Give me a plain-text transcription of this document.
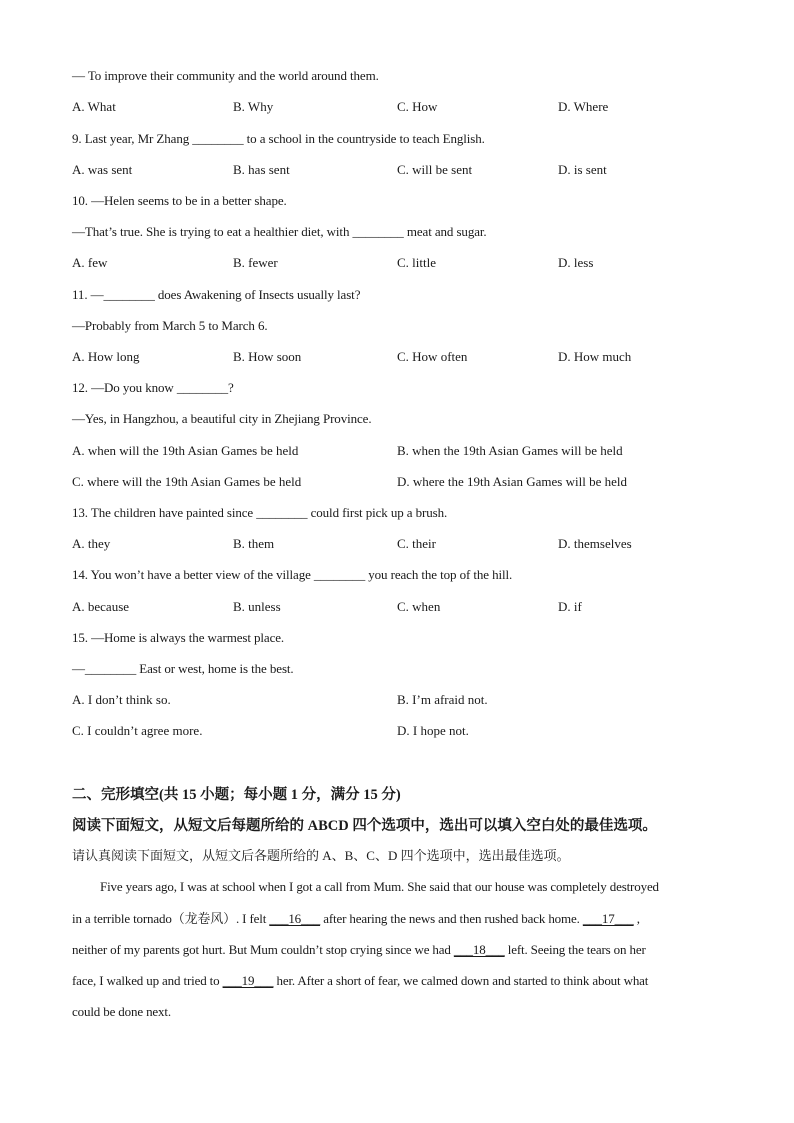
— To improve their community and the world around them.
A. What	B. Why	C. How	D. Where
9. Last year, Mr Zhang ________ to a school in the countryside to teach English.
A. was sent	B. has sent	C. will be sent	D. is sent
10. —Helen seems to be in a better shape.
—That’s true. She is trying to eat a healthier diet, with ________ meat and sugar.
A. few	B. fewer	C. little	D. less
11. —________ does Awakening of Insects usually last?
—Probably from March 5 to March 6.
A. How long	B. How soon	C. How often	D. How much
12. —Do you know ________?
—Yes, in Hangzhou, a beautiful city in Zhejiang Province.
A. when will the 19th Asian Games be held	B. when the 19th Asian Games will be held
C. where will the 19th Asian Games be held	D. where the 19th Asian Games will be held
13. The children have painted since ________ could first pick up a brush.
A. they	B. them	C. their	D. themselves
14. You won’t have a better view of the village ________ you reach the top of the hill.
A. because	B. unless	C. when	D. if
15. —Home is always the warmest place.
—________ East or west, home is the best.
A. I don’t think so.	B. I’m afraid not.
C. I couldn’t agree more.	D. I hope not.
二、完形填空(共 15 小题；每小题 1 分，满分 15 分)
阅读下面短文，从短文后每题所给的 ABCD 四个选项中，选出可以填入空白处的最佳选项。
请认真阅读下面短文，从短文后各题所给的 A、B、C、D 四个选项中，选出最佳选项。
Five years ago, I was at school when I got a call from Mum. She said that our house was completely destroyed
in a terrible tornado（龙卷风）. I felt ___16___ after hearing the news and then rushed back home. ___17___ ,
neither of my parents got hurt. But Mum couldn’t stop crying since we had ___18___ left. Seeing the tears on her
face, I walked up and tried to ___19___ her. After a short of fear, we calmed down and started to think about what
could be done next.
